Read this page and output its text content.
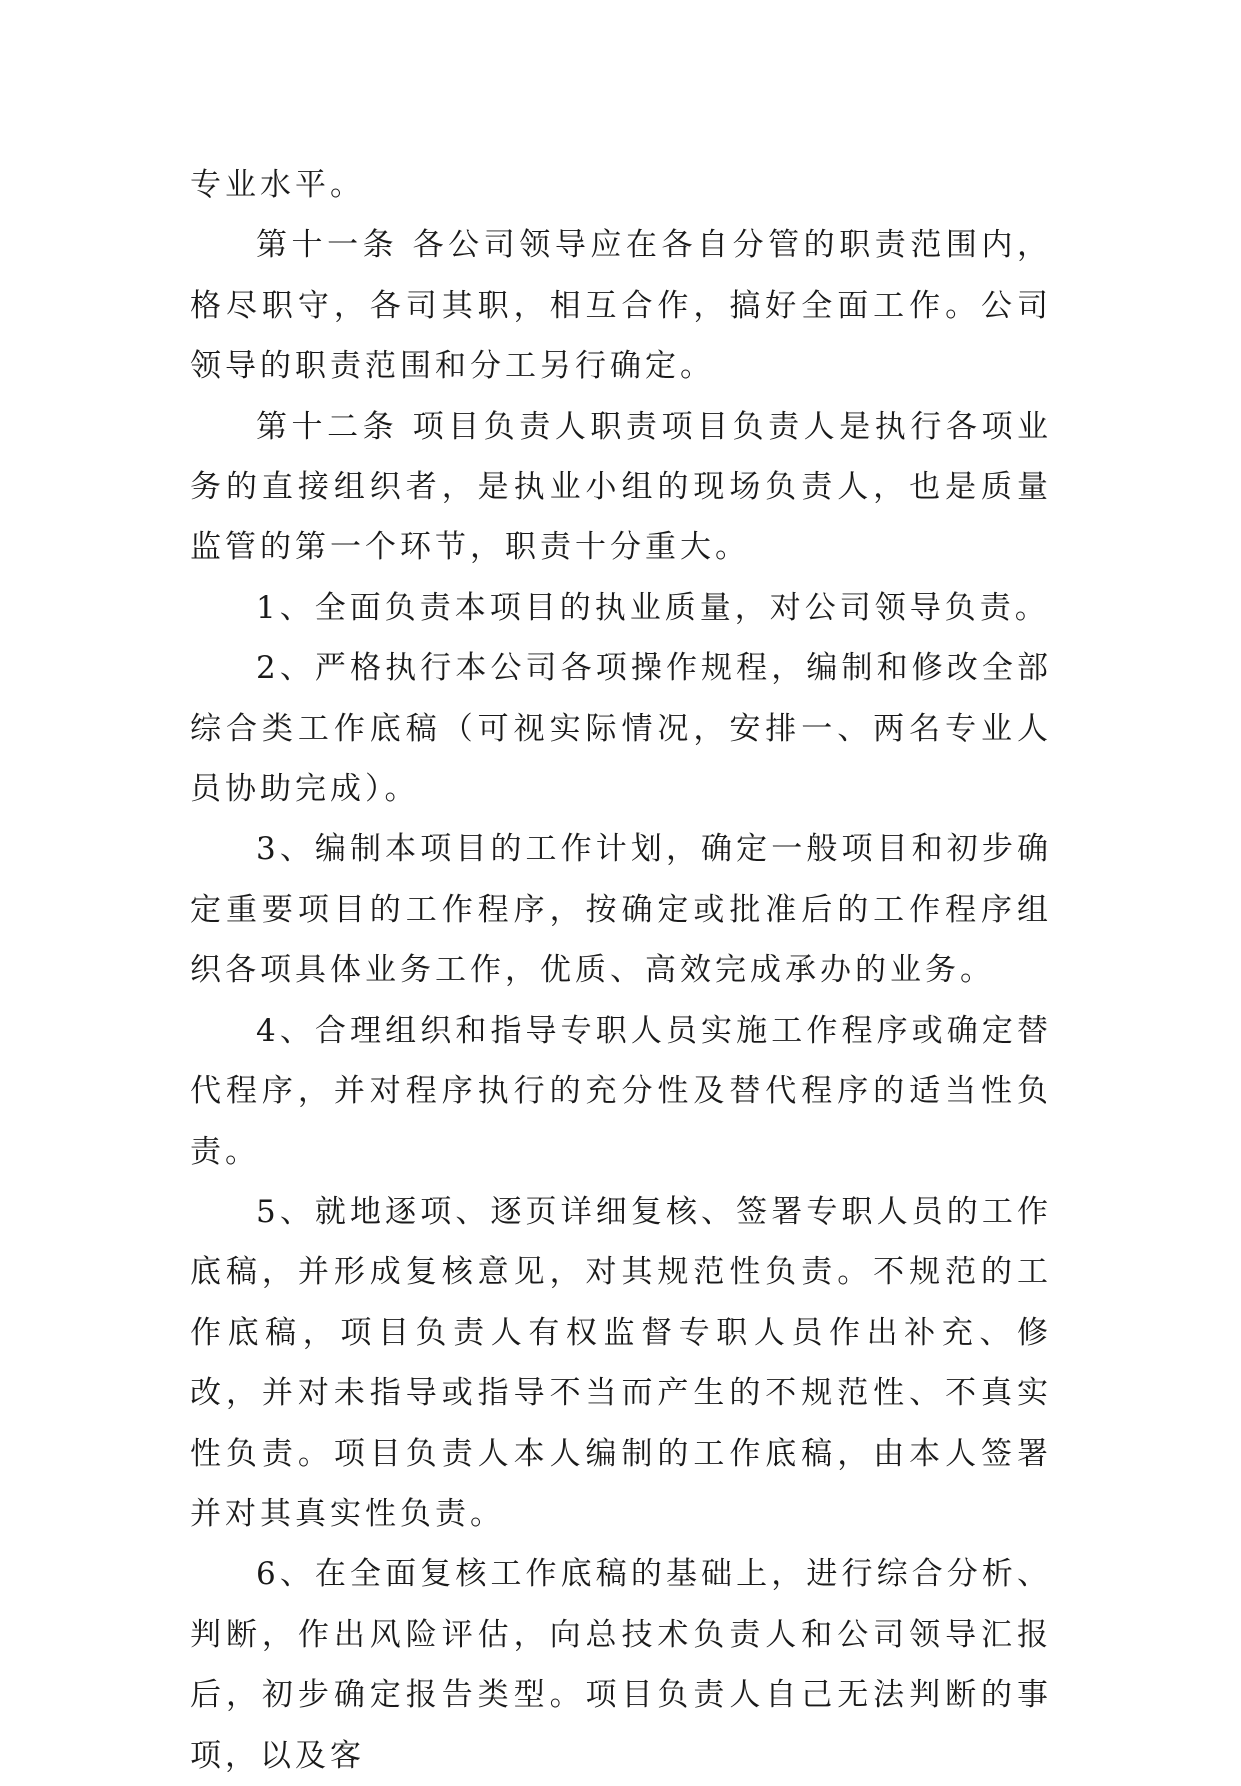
专业水平。

第十一条 各公司领导应在各自分管的职责范围内，格尽职守，各司其职，相互合作，搞好全面工作。公司领导的职责范围和分工另行确定。

第十二条 项目负责人职责项目负责人是执行各项业务的直接组织者，是执业小组的现场负责人，也是质量监管的第一个环节，职责十分重大。

1、全面负责本项目的执业质量，对公司领导负责。

2、严格执行本公司各项操作规程，编制和修改全部综合类工作底稿（可视实际情况，安排一、两名专业人员协助完成）。

3、编制本项目的工作计划，确定一般项目和初步确定重要项目的工作程序，按确定或批准后的工作程序组织各项具体业务工作，优质、高效完成承办的业务。

4、合理组织和指导专职人员实施工作程序或确定替代程序，并对程序执行的充分性及替代程序的适当性负责。

5、就地逐项、逐页详细复核、签署专职人员的工作底稿，并形成复核意见，对其规范性负责。不规范的工作底稿，项目负责人有权监督专职人员作出补充、修改，并对未指导或指导不当而产生的不规范性、不真实性负责。项目负责人本人编制的工作底稿，由本人签署并对其真实性负责。

6、在全面复核工作底稿的基础上，进行综合分析、判断，作出风险评估，向总技术负责人和公司领导汇报后，初步确定报告类型。项目负责人自己无法判断的事项，以及客
